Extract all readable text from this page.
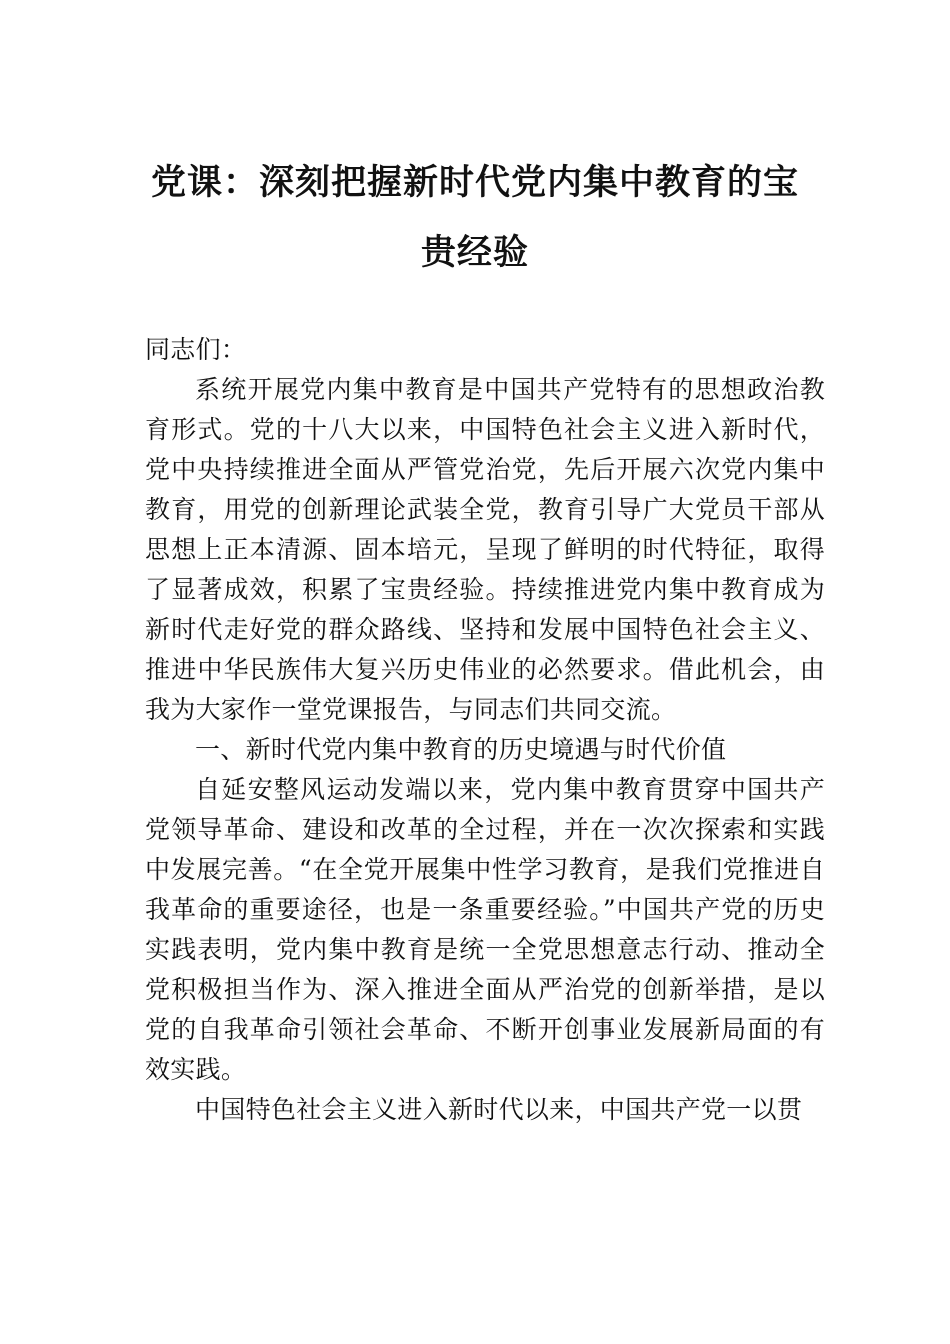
党课：深刻把握新时代党内集中教育的宝
贵经验

同志们：

系统开展党内集中教育是中国共产党特有的思想政治教育形式。党的十八大以来，中国特色社会主义进入新时代，党中央持续推进全面从严管党治党，先后开展六次党内集中教育，用党的创新理论武装全党，教育引导广大党员干部从思想上正本清源、固本培元，呈现了鲜明的时代特征，取得了显著成效，积累了宝贵经验。持续推进党内集中教育成为新时代走好党的群众路线、坚持和发展中国特色社会主义、 推进中华民族伟大复兴历史伟业的必然要求。借此机会，由我为大家作一堂党课报告，与同志们共同交流。

一、新时代党内集中教育的历史境遇与时代价值

自延安整风运动发端以来，党内集中教育贯穿中国共产党领导革命、建设和改革的全过程，并在一次次探索和实践中发展完善。“在全党开展集中性学习教育，是我们党推进自我革命的重要途径，也是一条重要经验。”中国共产党的历史实践表明，党内集中教育是统一全党思想意志行动、推动全党积极担当作为、深入推进全面从严治党的创新举措，是以党的自我革命引领社会革命、不断开创事业发展新局面的有效实践。

中国特色社会主义进入新时代以来，中国共产党一以贯
